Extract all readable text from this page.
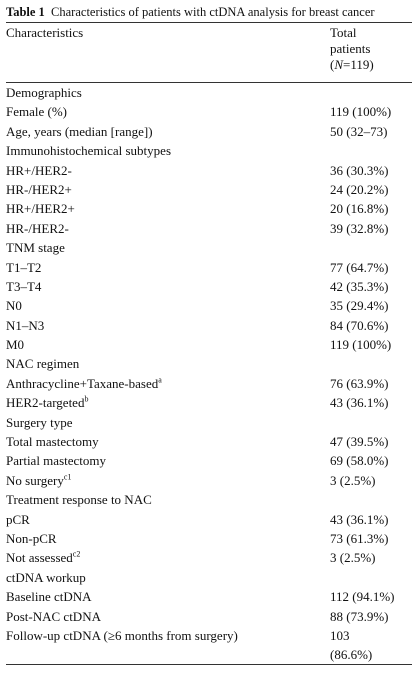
Table 1 Characteristics of patients with ctDNA analysis for breast cancer
Characteristics	Total
patients
(N=119)
Demographics
Female (%)	119 (100%)
Age, years (median [range])	50 (32–73)
Immunohistochemical subtypes
HR+/HER2-	36 (30.3%)
HR-/HER2+	24 (20.2%)
HR+/HER2+	20 (16.8%)
HR-/HER2-	39 (32.8%)
TNM stage
T1–T2	77 (64.7%)
T3–T4	42 (35.3%)
N0	35 (29.4%)
N1–N3	84 (70.6%)
M0	119 (100%)
NAC regimen
Anthracycline+Taxane-based$^a$	76 (63.9%)
HER2-targeted$^b$	43 (36.1%)
Surgery type
Total mastectomy	47 (39.5%)
Partial mastectomy	69 (58.0%)
No surgery$^{c1}$	3 (2.5%)
Treatment response to NAC
pCR	43 (36.1%)
Non-pCR	73 (61.3%)
Not assessed$^{c2}$	3 (2.5%)
ctDNA workup
Baseline ctDNA	112 (94.1%)
Post-NAC ctDNA	88 (73.9%)
Follow-up ctDNA (≥6 months from surgery)	103
(86.6%)
